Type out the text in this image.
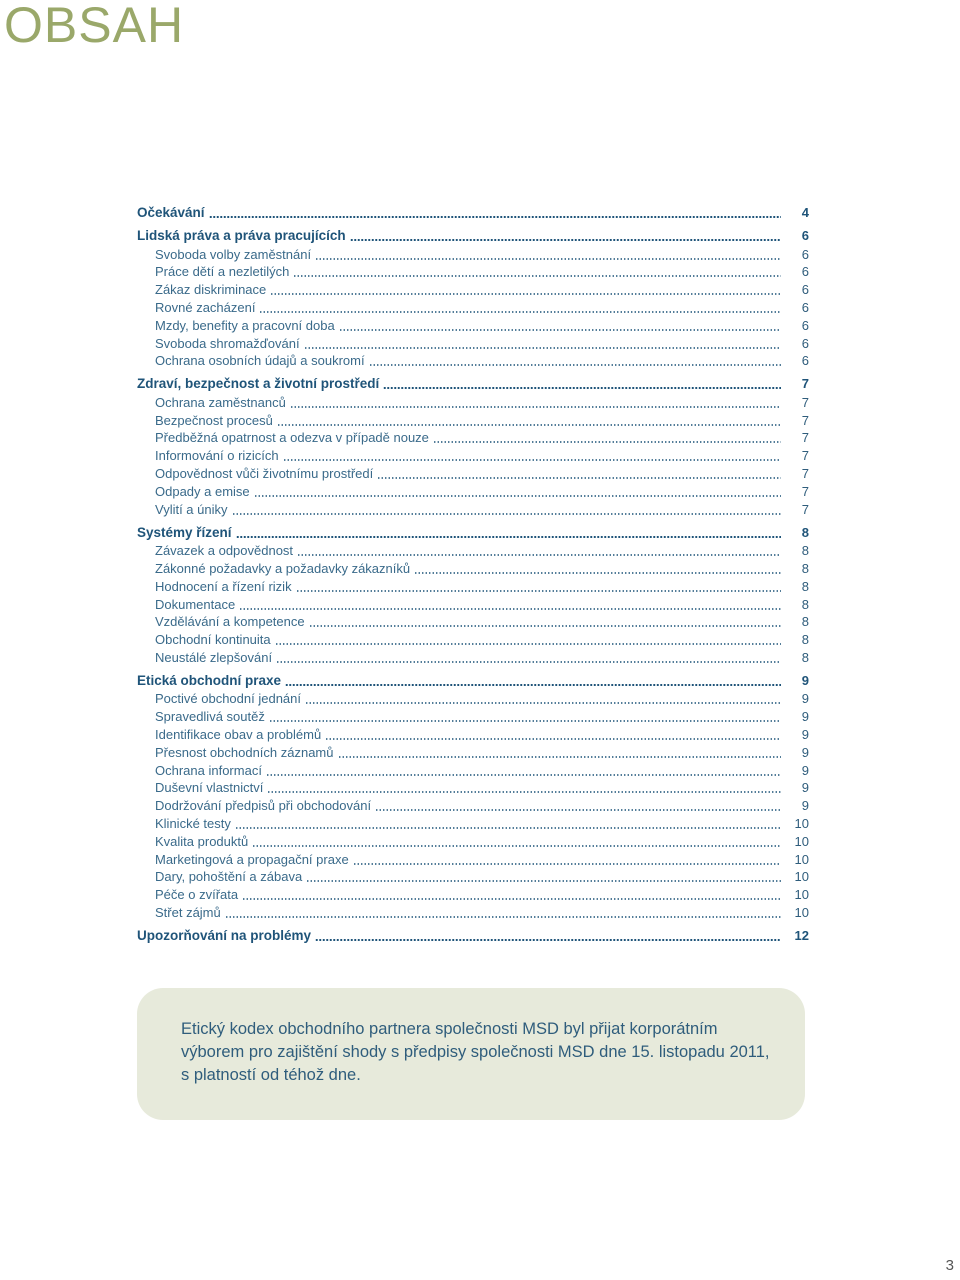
OBSAH
Očekávání	4
Lidská práva a práva pracujících	6
Svoboda volby zaměstnání	6
Práce dětí a nezletilých	6
Zákaz diskriminace	6
Rovné zacházení	6
Mzdy, benefity a pracovní doba	6
Svoboda shromažďování	6
Ochrana osobních údajů a soukromí	6
Zdraví, bezpečnost a životní prostředí	7
Ochrana zaměstnanců	7
Bezpečnost procesů	7
Předběžná opatrnost a odezva v případě nouze	7
Informování o rizicích	7
Odpovědnost vůči životnímu prostředí	7
Odpady a emise	7
Vylití a úniky	7
Systémy řízení	8
Závazek a odpovědnost	8
Zákonné požadavky a požadavky zákazníků	8
Hodnocení a řízení rizik	8
Dokumentace	8
Vzdělávání a kompetence	8
Obchodní kontinuita	8
Neustálé zlepšování	8
Etická obchodní praxe	9
Poctivé obchodní jednání	9
Spravedlivá soutěž	9
Identifikace obav a problémů	9
Přesnost obchodních záznamů	9
Ochrana informací	9
Duševní vlastnictví	9
Dodržování předpisů při obchodování	9
Klinické testy	10
Kvalita produktů	10
Marketingová a propagační praxe	10
Dary, pohoštění a zábava	10
Péče o zvířata	10
Střet zájmů	10
Upozorňování na problémy	12
Etický kodex obchodního partnera společnosti MSD byl přijat korporátním výborem pro zajištění shody s předpisy společnosti MSD dne 15. listopadu 2011, s platností od téhož dne.
3
